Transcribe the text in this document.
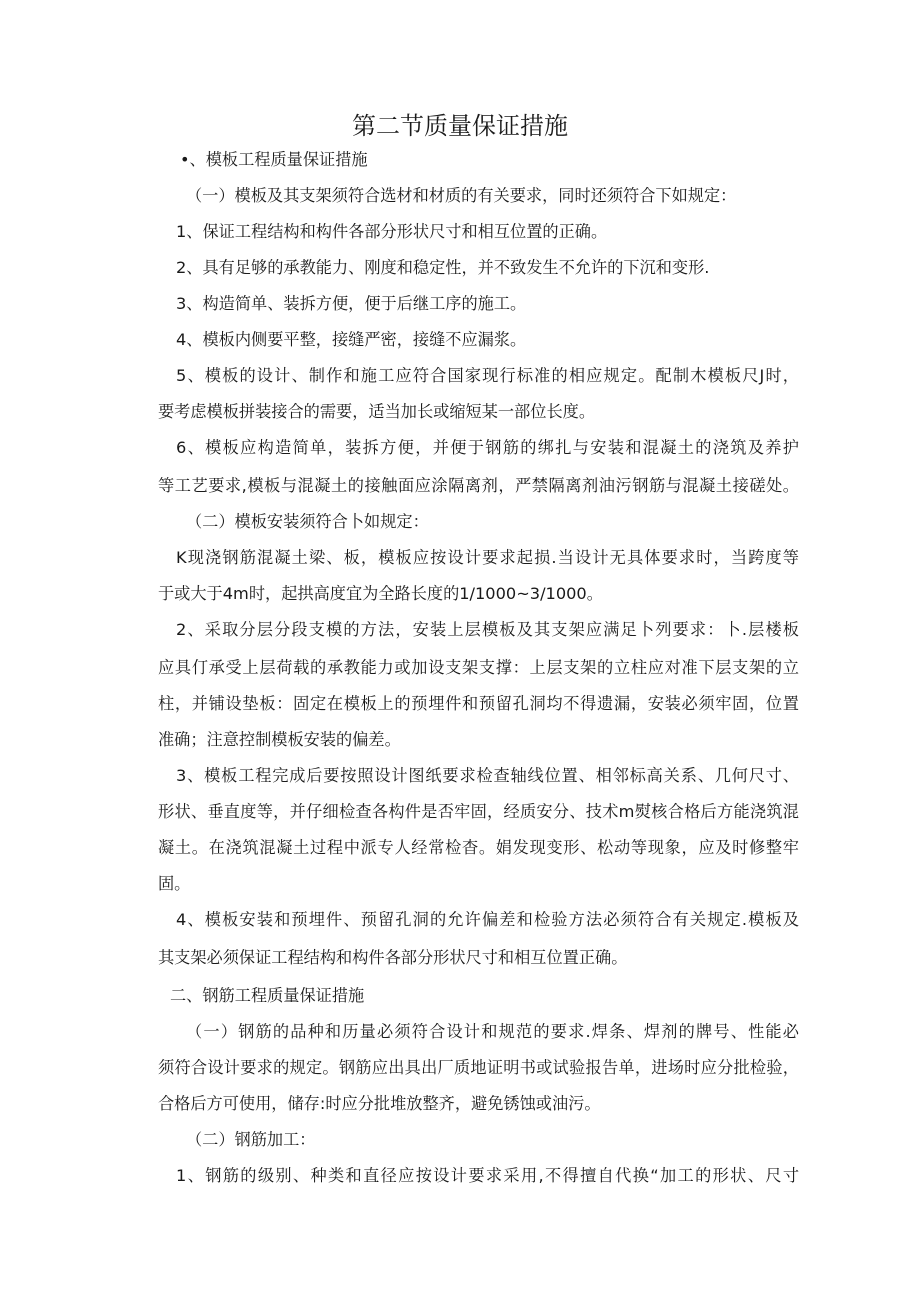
第二节质量保证措施
•、模板工程质量保证措施
（一）模板及其支架须符合选材和材质的有关要求，同时还须符合下如规定：
1、保证工程结构和构件各部分形状尺寸和相互位置的正确。
2、具有足够的承教能力、刚度和稳定性，并不致发生不允许的下沉和变形.
3、构造简单、装拆方便，便于后继工序的施工。
4、模板内侧要平整，接缝严密，接缝不应漏浆。
5、模板的设计、制作和施工应符合国家现行标准的相应规定。配制木模板尺J时，
要考虑模板拼装接合的需要，适当加长或缩短某一部位长度。
6、模板应构造简单，装拆方便，并便于钢筋的绑扎与安装和混凝土的浇筑及养护
等工艺要求,模板与混凝土的接触面应涂隔离剂，严禁隔离剂油污钢筋与混凝土接磋处。
（二）模板安装须符合卜如规定：
K现浇钢筋混凝土梁、板，模板应按设计要求起损.当设计无具体要求时，当跨度等
于或大于4m时，起拱高度宜为全路长度的1/1000~3/1000。
2、采取分层分段支模的方法，安装上层模板及其支架应满足卜列要求：卜.层楼板
应具仃承受上层荷载的承教能力或加设支架支撑：上层支架的立柱应对准下层支架的立
柱，并铺设垫板：固定在模板上的预埋件和预留孔洞均不得遗漏，安装必须牢固，位置
准确；注意控制模板安装的偏差。
3、模板工程完成后要按照设计图纸要求检查轴线位置、相邻标高关系、几何尺寸、
形状、垂直度等，并仔细检查各构件是否牢固，经质安分、技术m熨核合格后方能浇筑混
凝土。在浇筑混凝土过程中派专人经常检杳。娟发现变形、松动等现象，应及时修整牢
固。
4、模板安装和预埋件、预留孔洞的允许偏差和检验方法必须符合有关规定.模板及
其支架必须保证工程结构和构件各部分形状尺寸和相互位置正确。
二、钢筋工程质量保证措施
（一）钢筋的品种和历量必须符合设计和规范的要求.焊条、焊剂的牌号、性能必
须符合设计要求的规定。钢筋应出具出厂质地证明书或试验报告单，进场时应分批检验，
合格后方可使用，储存:时应分批堆放整齐，避免锈蚀或油污。
（二）钢筋加工：
1、钢筋的级别、种类和直径应按设计要求采用,不得擅自代换“加工的形状、尺寸
